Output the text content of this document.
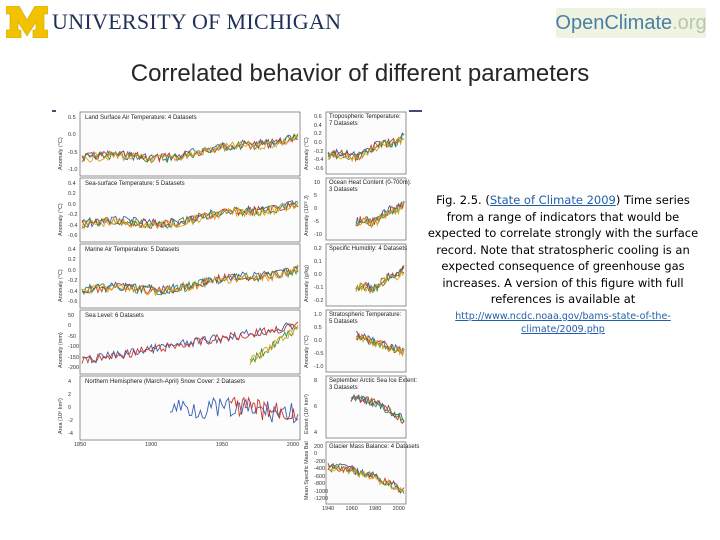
UNIVERSITY OF MICHIGAN	OpenClimate.org
Correlated behavior of different parameters
Land Surface Air Temperature: 4 Datasets
Anomaly (°C)
0.5
0.0
-0.5
-1.0
Sea-surface Temperature: 5 Datasets
Anomaly (°C)
0.4
0.2
0.0
-0.2
-0.4
-0.6
Marine Air Temperature: 5 Datasets
Anomaly (°C)
0.4
0.2
0.0
-0.2
-0.4
-0.6
Sea Level: 6 Datasets
Anomaly (mm)
50
0
-50
-100
-150
-200
Northern Hemisphere (March-April) Snow Cover: 2 Datasets
Area (10⁶ km²)
4
2
0
-2
-4
1850	1900	1950	2000
Tropospheric Temperature:
7 Datasets
Anomaly (°C)
0.6
0.4
0.2
0.0
-0.2
-0.4
-0.6
Ocean Heat Content (0-700m):
3 Datasets
Anomaly (10²² J)
10
5
0
-5
-10
Specific Humidity: 4 Datasets
Anomaly (g/kg)
0.2
0.1
0.0
-0.1
-0.2
Stratospheric Temperature:
5 Datasets
Anomaly (°C)
1.0
0.5
0.0
-0.5
-1.0
September Arctic Sea Ice Extent:
3 Datasets
Extent (10⁶ km²)
8
6
4
Glacier Mass Balance: 4 Datasets
Mean Specific Mass Bal 200
0
-200
-400
-600
-800
-1000
-1200
1940 1960 1980 2000
Fig. 2.5. (State of Climate 2009) Time series from a range of indicators that would be expected to correlate strongly with the surface record. Note that stratospheric cooling is an expected consequence of greenhouse gas increases. A version of this figure with full references is available at
http://www.ncdc.noaa.gov/bams-state-of-the-climate/2009.php
